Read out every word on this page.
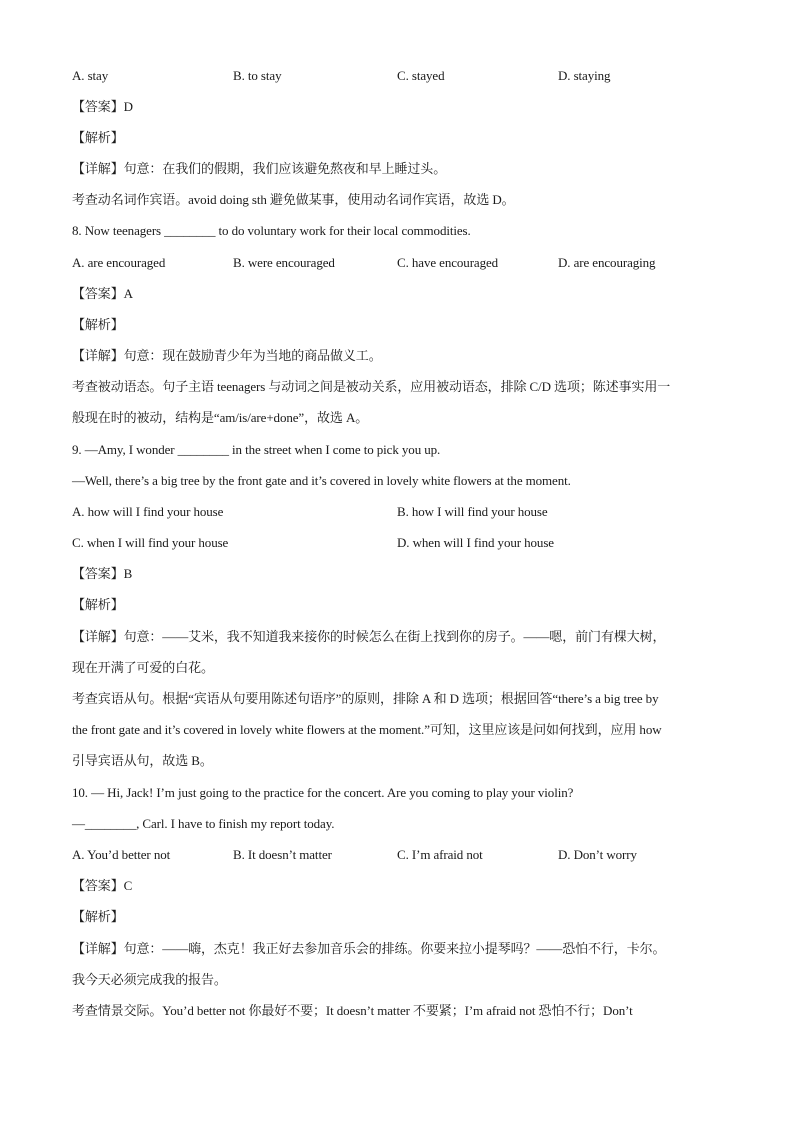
A. stay	B. to stay	C. stayed	D. staying
【答案】D
【解析】
【详解】句意：在我们的假期，我们应该避免熬夜和早上睡过头。
考查动名词作宾语。avoid doing sth 避免做某事，使用动名词作宾语，故选 D。
8. Now teenagers ________ to do voluntary work for their local commodities.
A. are encouraged	B. were encouraged	C. have encouraged	D. are encouraging
【答案】A
【解析】
【详解】句意：现在鼓励青少年为当地的商品做义工。
考查被动语态。句子主语 teenagers 与动词之间是被动关系，应用被动语态，排除 C/D 选项；陈述事实用一
般现在时的被动，结构是“am/is/are+done”，故选 A。
9. —Amy, I wonder ________ in the street when I come to pick you up.
—Well, there’s a big tree by the front gate and it’s covered in lovely white flowers at the moment.
A. how will I find your house	B. how I will find your house
C. when I will find your house	D. when will I find your house
【答案】B
【解析】
【详解】句意：——艾米，我不知道我来接你的时候怎么在街上找到你的房子。——嗯，前门有棵大树，
现在开满了可爱的白花。
考查宾语从句。根据“宾语从句要用陈述句语序”的原则，排除 A 和 D 选项；根据回答“there’s a big tree by
the front gate and it’s covered in lovely white flowers at the moment.”可知，这里应该是问如何找到，应用 how
引导宾语从句，故选 B。
10. — Hi, Jack! I’m just going to the practice for the concert. Are you coming to play your violin?
—________, Carl. I have to finish my report today.
A. You’d better not	B. It doesn’t matter	C. I’m afraid not	D. Don’t worry
【答案】C
【解析】
【详解】句意：——嗨，杰克！我正好去参加音乐会的排练。你要来拉小提琴吗？——恐怕不行，卡尔。
我今天必须完成我的报告。
考查情景交际。You’d better not 你最好不要；It doesn’t matter 不要紧；I’m afraid not 恐怕不行；Don’t
